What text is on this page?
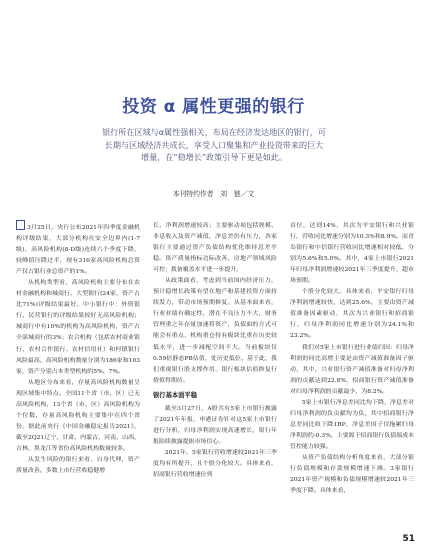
投资 α 属性更强的银行

银行所在区域与α属性强相关，布局在经济发达地区的银行，可长期与区域经济共成长，享受人口聚集和产业投资带来的巨大增量，在“稳增长”政策引导下更是如此。

本刊特约作者　刘　链／文

3月25日，央行公布2021年四季度金融机构评级结果，大部分机构在安全边界内(1-7级)，高风险机构(8-D级)连续六个季度下降，较峰值压降过半，现有316家高风险机构总资产仅占银行业总资产的1%。

从机构类型看，高风险机构主要分布在农村金融机构和城商行。大型银行(24家，资产占比71%)评级结果最好。中小银行中：外资银行、民营银行的评级结果较好无高风险机构；城商行中有10%的机构为高风险机构，资产占全部城商行的3%；农合机构（包括农村商业银行、农村合作银行、农村信用社）和村镇银行风险最高，高风险机构数量分别为186家和103家，资产分别占本类型机构的5%、7%。

从地区分布来看，存量高风险机构数量呈现区域集中特点。全国11个省（市、区）已无高风险机构，13个省（市、区）高风险机构为个位数，存量高风险机构主要集中在四个省份。据此前央行《中国金融稳定报告2021》，截至2Q21辽宁、甘肃、内蒙古、河南、山西、吉林、黑龙江等省份高风险机构数量较多。

从发生风险的银行来看，自身代理，资产质量改善。多数上市行营收稳健增

长，净利润增速较高；主要驱动项包括规模、非息收入及资产减值，净息差仍有压力，各家银行主要通过资产负债结构优化维持息差平稳。资产质量指标边际改善，房地产领域风险可控；拨备覆盖水平进一步提升。

从政策面看，考虑到当前国内经济压力，预计稳增长政策有望在地产和基建投资方面持续发力，带动市场预期修复。从基本面来看，行业业绩有确定性，潜在不良压力不大，财务管理重之年存量加速将资产，负债面的方式可能会有重点，机构重仓持有板块比重在历史较低水平，进一步减配空间不大。当前板块仅0.59倍静态PB估值，处历史低位。基于此，我们重视银行股支撑作用，银行板块估值修复行情值得期待。

银行基本面平稳

截至3月27日，A股共有5家上市银行披露了2021年年报，申港证券针对这5家上市银行进行分析，归母净利润实现高速增长，银行年报陆续披露提振市场信心。

2021年，5家银行营收增速较2021年三季度均有所提升，且个股分化较大。具体来看，招商银行营收增速位列

首位，达到14%，其次为平安银行和兴业银行，营收同比增速分别为10.3%和8.9%。而青岛银行和中信银行营收同比增速相对较低，分别为5.6%和5.0%。其中，4家上市银行2021年归母净利润增速较2021年三季度提升，超市场预期。

个股分化较大。具体来看，平安银行归母净利润增速较快，达到25.6%，主要由资产减值准备因素驱动，其次为兴业银行和招商银行，归母净利润同比增速分别为24.1%和23.2%。

我们对5家上市银行进行业绩归因：归母净利润的同比高增主要是由资产减值准备因子驱动，其中，兴业银行资产减值准备对归母净利润的贡献达到22.8%，招商银行资产减值准备对归母净利润的贡献最少，为8.2%。

5家上市银行净息差同比均下降，净息差对归母净利润的负贡献均为负，其中招商银行净息差同比收下降1BP，净息差因子仅拖累归母净利润约-0.3%，主要源于招商银行负债端成本管控能力较强。

从资产负债结构分析角度来看，大部分银行负债规模和存款规模增速下沸。3家银行2021年资产规模和负债规模增速较2021年三季度下降。具体来看，

51
